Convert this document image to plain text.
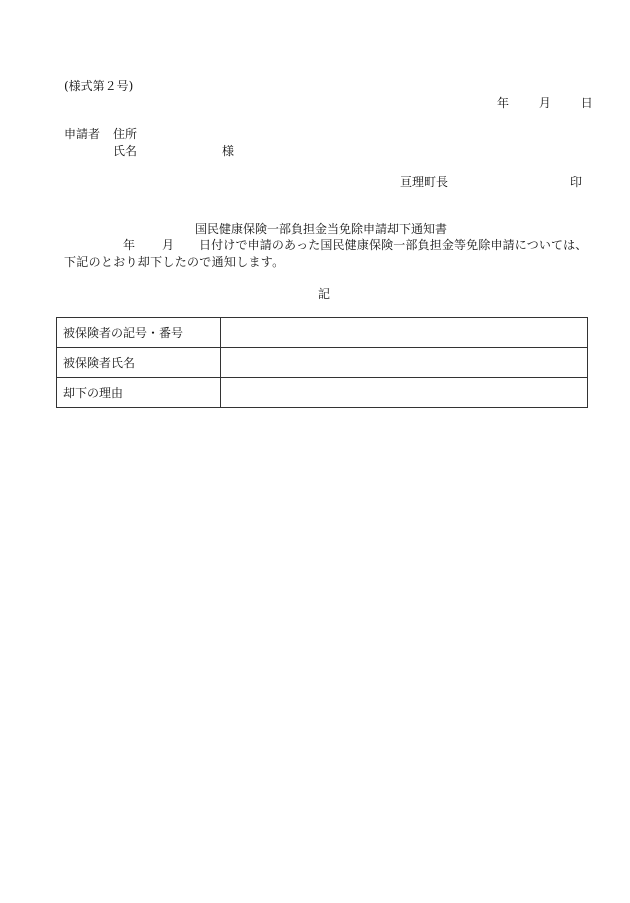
(様式第２号)
年 月 日
申請者 住所
氏名	様
亘理町長	印
国民健康保険一部負担金当免除申請却下通知書
年 月 日付けで申請のあった国民健康保険一部負担金等免除申請については、
下記のとおり却下したので通知します。
記
被保険者の記号・番号	
被保険者氏名	
却下の理由	
